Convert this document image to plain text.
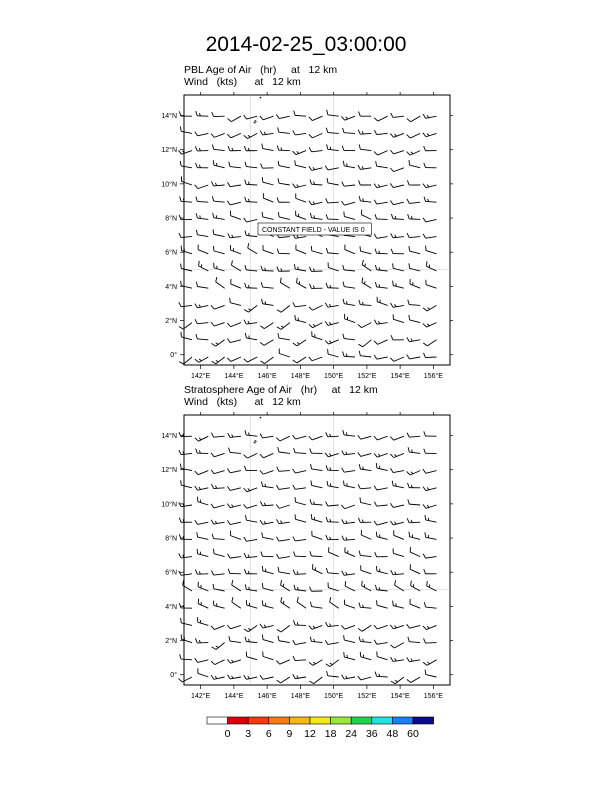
2014-02-25_03:00:00
PBL Age of Air   (hr)     at   12 km
Wind   (kts)      at   12 km
Stratosphere Age of Air   (hr)     at   12 km
Wind   (kts)      at   12 km
142°E 144°E 146°E 148°E 150°E 152°E 154°E 156°E
0°
2°N
4°N
6°N
8°N
10°N
12°N
14°N
CONSTANT FIELD - VALUE IS 0
142°E 144°E 146°E 148°E 150°E 152°E 154°E 156°E
0°
2°N
4°N
6°N
8°N
10°N
12°N
14°N
0 3 6 9 12 18 24 36 48 60
